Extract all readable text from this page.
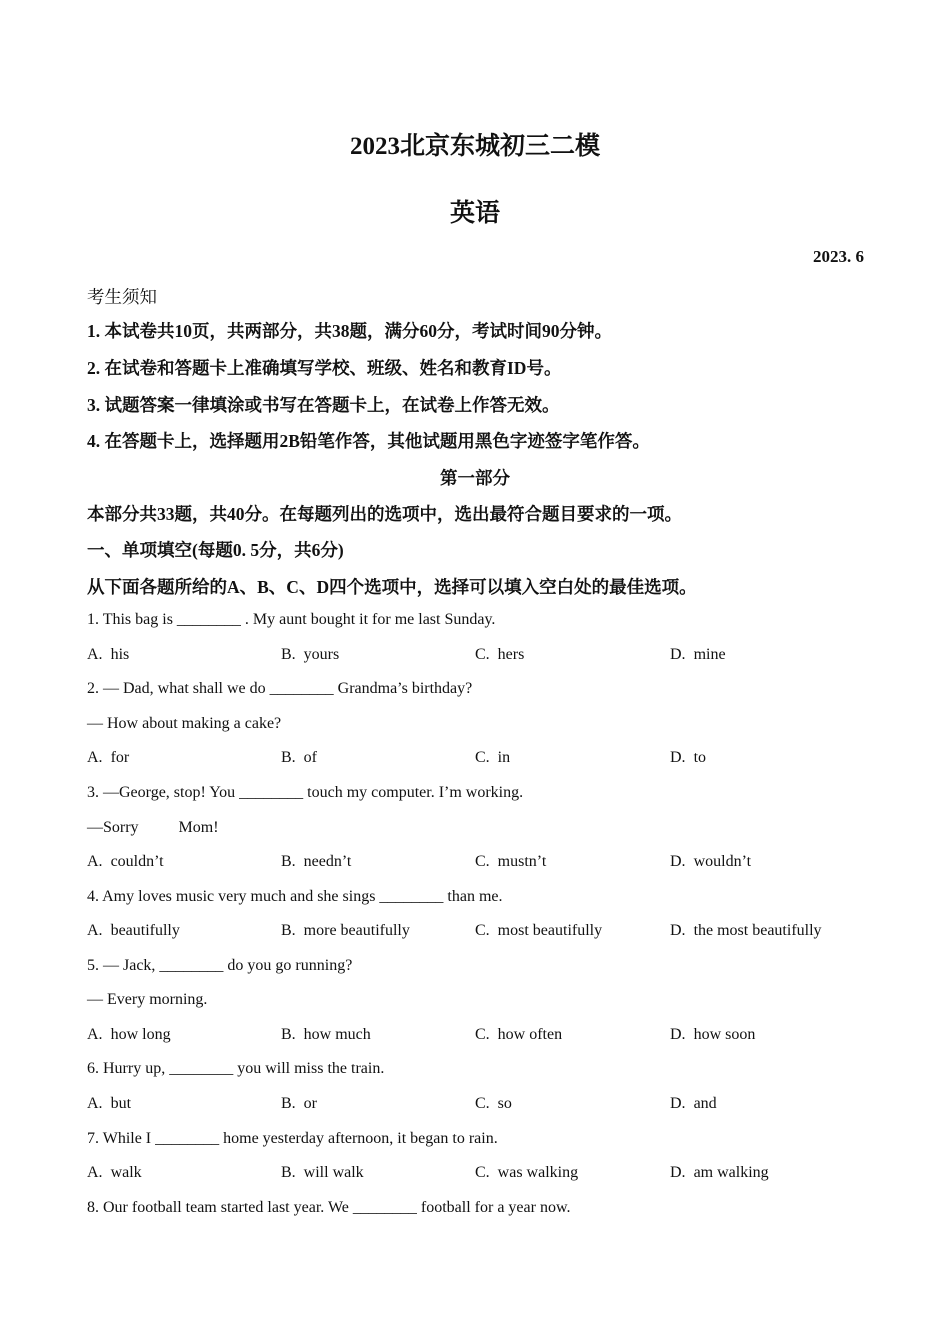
2023北京东城初三二模
英语
2023. 6
考生须知
1. 本试卷共10页，共两部分，共38题，满分60分，考试时间90分钟。
2. 在试卷和答题卡上准确填写学校、班级、姓名和教育ID号。
3. 试题答案一律填涂或书写在答题卡上，在试卷上作答无效。
4. 在答题卡上，选择题用2B铅笔作答，其他试题用黑色字迹签字笔作答。
第一部分
本部分共33题，共40分。在每题列出的选项中，选出最符合题目要求的一项。
一、单项填空(每题0. 5分，共6分)
从下面各题所给的A、B、C、D四个选项中，选择可以填入空白处的最佳选项。
1. This bag is ________ . My aunt bought it for me last Sunday.
A. his	B. yours	C. hers	D. mine
2. — Dad, what shall we do ________ Grandma’s birthday?
— How about making a cake?
A. for	B. of	C. in	D. to
3. —George, stop! You ________ touch my computer. I’m working.
—Sorry          Mom!
A. couldn’t	B. needn’t	C. mustn’t	D. wouldn’t
4. Amy loves music very much and she sings ________ than me.
A. beautifully	B. more beautifully	C. most beautifully	D. the most beautifully
5. — Jack, ________ do you go running?
— Every morning.
A. how long	B. how much	C. how often	D. how soon
6. Hurry up, ________ you will miss the train.
A. but	B. or	C. so	D. and
7. While I ________ home yesterday afternoon, it began to rain.
A. walk	B. will walk	C. was walking	D. am walking
8. Our football team started last year. We ________ football for a year now.
